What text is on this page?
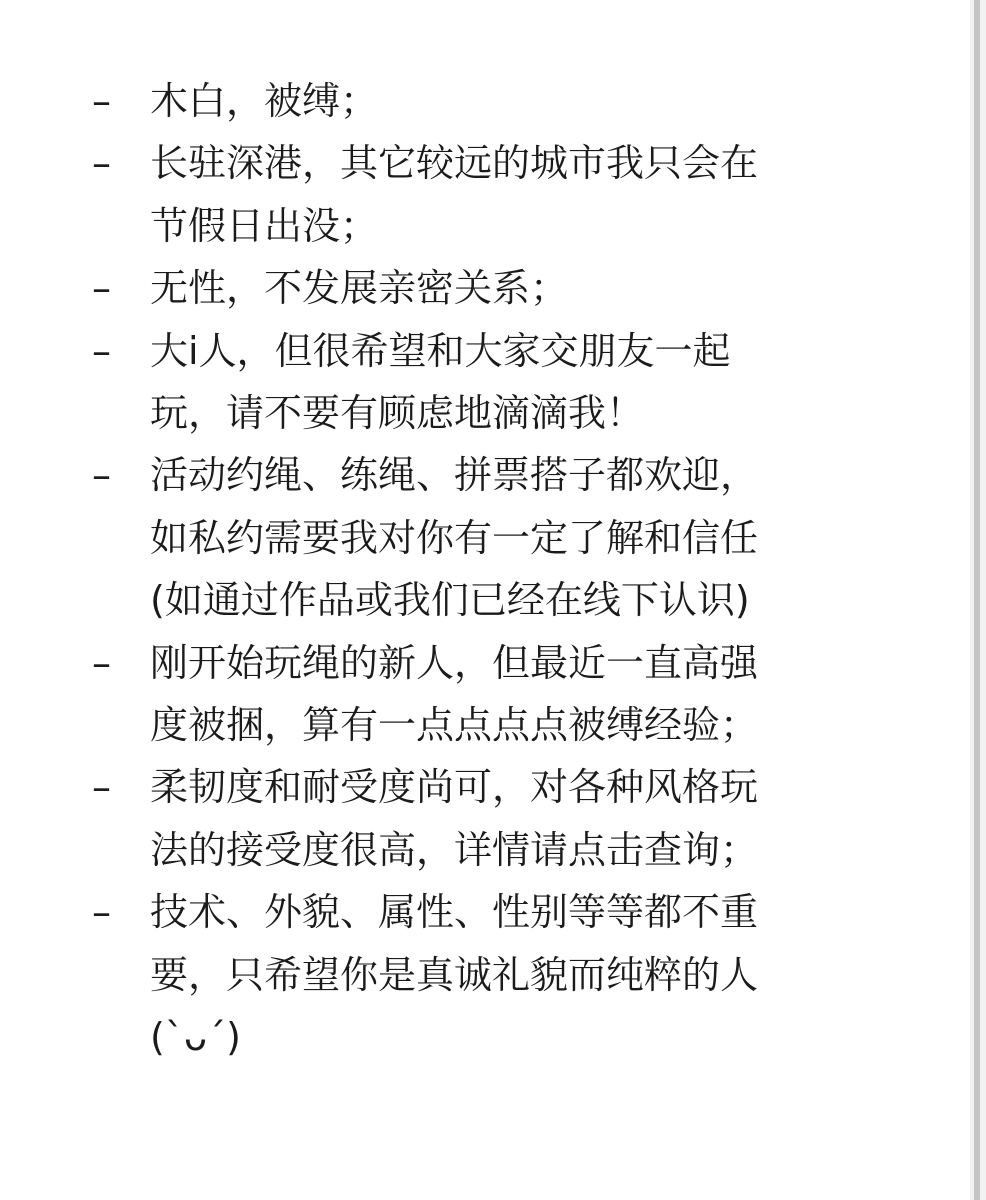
–	木白，被缚；
–	长驻深港，其它较远的城市我只会在
节假日出没；
–	无性，不发展亲密关系；
–	大i人，但很希望和大家交朋友一起
玩，请不要有顾虑地滴滴我！
–	活动约绳、练绳、拼票搭子都欢迎，
如私约需要我对你有一定了解和信任
(如通过作品或我们已经在线下认识)
–	刚开始玩绳的新人，但最近一直高强
度被捆，算有一点点点点被缚经验；
–	柔韧度和耐受度尚可，对各种风格玩
法的接受度很高，详情请点击查询；
–	技术、外貌、属性、性别等等都不重
要，只希望你是真诚礼貌而纯粹的人
(`ᴗ´)
